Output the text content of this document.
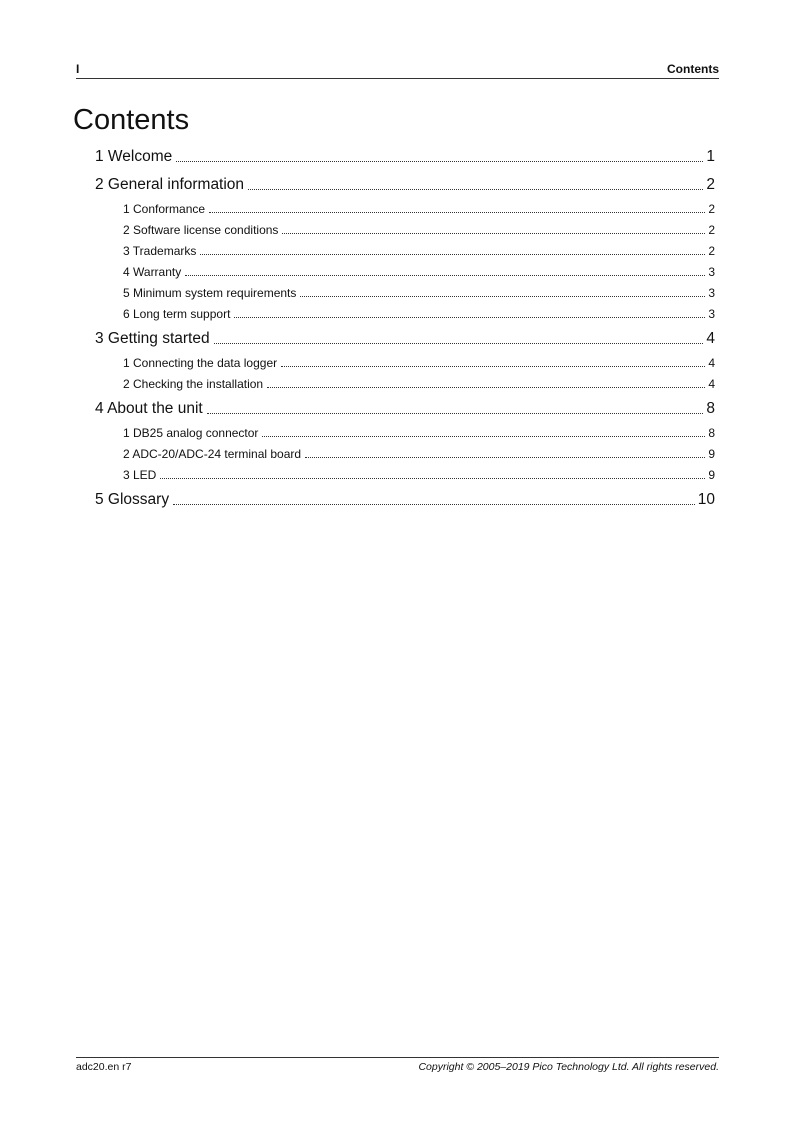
I	Contents
Contents
1 Welcome	1
2 General information	2
1 Conformance	2
2 Software license conditions	2
3 Trademarks	2
4 Warranty	3
5 Minimum system requirements	3
6 Long term support	3
3 Getting started	4
1 Connecting the data logger	4
2 Checking the installation	4
4 About the unit	8
1 DB25 analog connector	8
2 ADC-20/ADC-24 terminal board	9
3 LED	9
5 Glossary	10
adc20.en r7	Copyright © 2005–2019 Pico Technology Ltd. All rights reserved.
